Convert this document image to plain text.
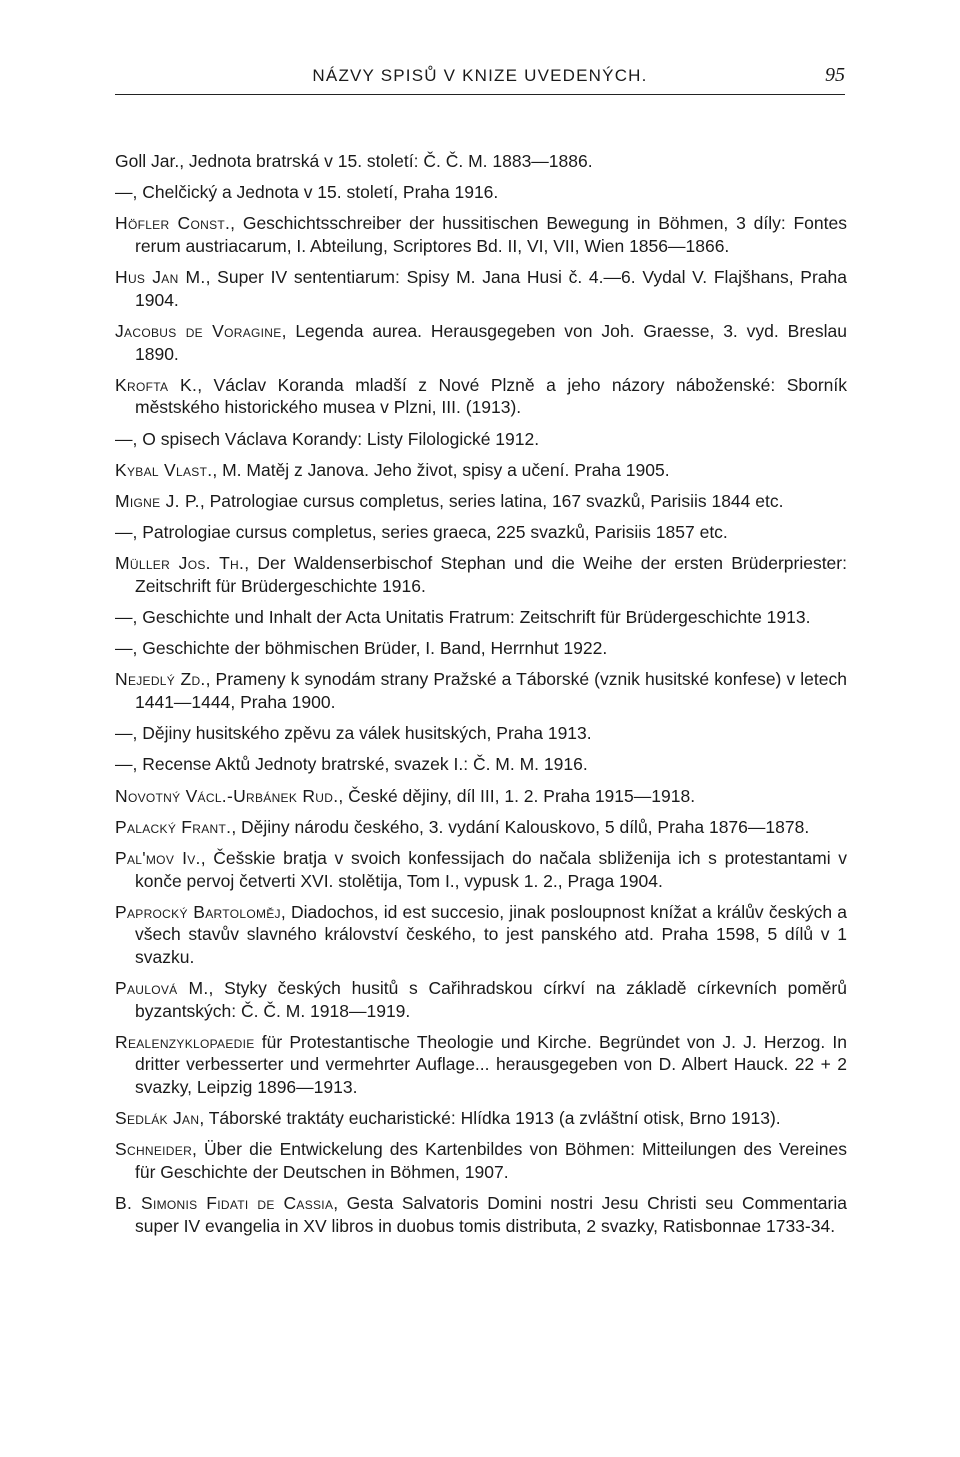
NÁZVY SPISŮ V KNIZE UVEDENÝCH.	95

Goll Jar., Jednota bratrská v 15. století: Č. Č. M. 1883—1886.

—, Chelčický a Jednota v 15. století, Praha 1916.

Höfler Const., Geschichtsschreiber der hussitischen Bewegung in Böhmen, 3 díly: Fontes rerum austriacarum, I. Abteilung, Scriptores Bd. II, VI, VII, Wien 1856—1866.

Hus Jan M., Super IV sententiarum: Spisy M. Jana Husi č. 4.—6. Vydal V. Flajšhans, Praha 1904.

Jacobus de Voragine, Legenda aurea. Herausgegeben von Joh. Graesse, 3. vyd. Breslau 1890.

Krofta K., Václav Koranda mladší z Nové Plzně a jeho názory náboženské: Sborník městského historického musea v Plzni, III. (1913).

—, O spisech Václava Korandy: Listy Filologické 1912.

Kybal Vlast., M. Matěj z Janova. Jeho život, spisy a učení. Praha 1905.

Migne J. P., Patrologiae cursus completus, series latina, 167 svazků, Parisiis 1844 etc.

—, Patrologiae cursus completus, series graeca, 225 svazků, Parisiis 1857 etc.

Müller Jos. Th., Der Waldenserbischof Stephan und die Weihe der ersten Brüderpriester: Zeitschrift für Brüdergeschichte 1916.

—, Geschichte und Inhalt der Acta Unitatis Fratrum: Zeitschrift für Brüdergeschichte 1913.

—, Geschichte der böhmischen Brüder, I. Band, Herrnhut 1922.

Nejedlý Zd., Prameny k synodám strany Pražské a Táborské (vznik husitské konfese) v letech 1441—1444, Praha 1900.

—, Dějiny husitského zpěvu za válek husitských, Praha 1913.

—, Recense Aktů Jednoty bratrské, svazek I.: Č. M. M. 1916.

Novotný Václ.-Urbánek Rud., České dějiny, díl III, 1. 2. Praha 1915—1918.

Palacký Frant., Dějiny národu českého, 3. vydání Kalouskovo, 5 dílů, Praha 1876—1878.

Pal'mov Iv., Češskie bratja v svoich konfessijach do načala sbliženija ich s protestantami v konče pervoj četverti XVI. stolětija, Tom I., vypusk 1. 2., Praga 1904.

Paprocký Bartoloměj, Diadochos, id est succesio, jinak posloupnost knížat a králův českých a všech stavův slavného království českého, to jest panského atd. Praha 1598, 5 dílů v 1 svazku.

Paulová M., Styky českých husitů s Cařihradskou církví na základě církevních poměrů byzantských: Č. Č. M. 1918—1919.

Realenzyklopaedie für Protestantische Theologie und Kirche. Begründet von J. J. Herzog. In dritter verbesserter und vermehrter Auflage... herausgegeben von D. Albert Hauck. 22 + 2 svazky, Leipzig 1896—1913.

Sedlák Jan, Táborské traktáty eucharistické: Hlídka 1913 (a zvláštní otisk, Brno 1913).

Schneider, Über die Entwickelung des Kartenbildes von Böhmen: Mitteilungen des Vereines für Geschichte der Deutschen in Böhmen, 1907.

B. Simonis Fidati de Cassia, Gesta Salvatoris Domini nostri Jesu Christi seu Commentaria super IV evangelia in XV libros in duobus tomis distributa, 2 svazky, Ratisbonnae 1733-34.
